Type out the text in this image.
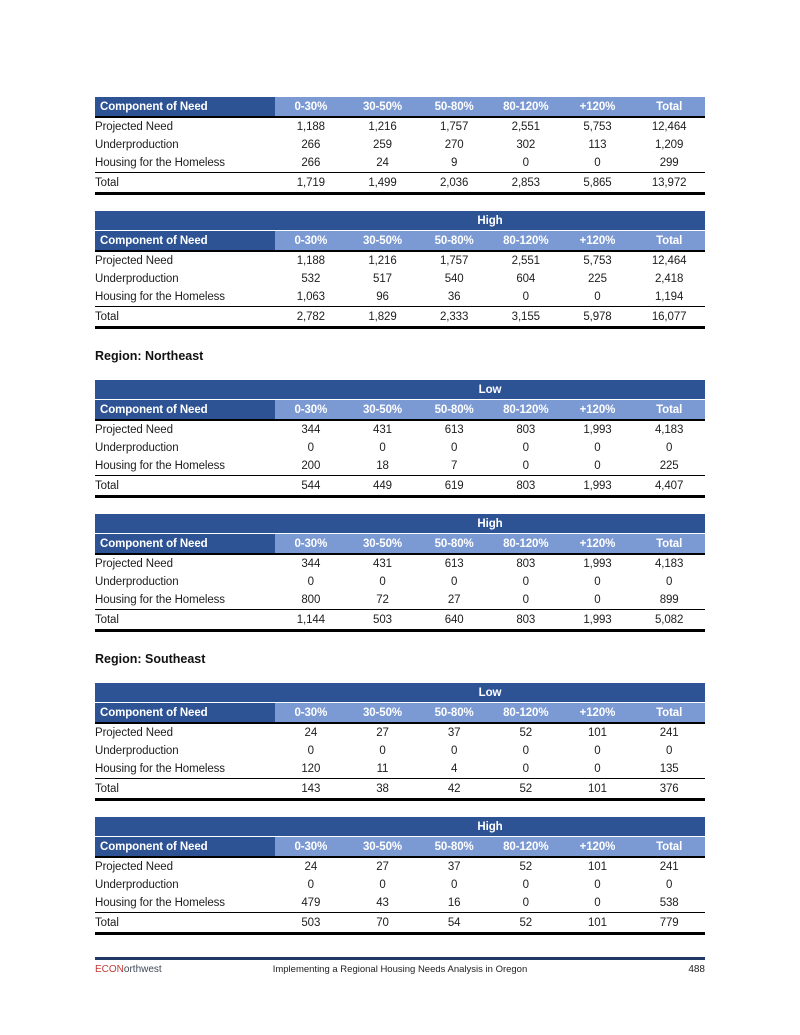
Component of Need	0-30%	30-50%	50-80%	80-120%	+120%	Total
Projected Need	1,188	1,216	1,757	2,551	5,753	12,464
Underproduction	266	259	270	302	113	1,209
Housing for the Homeless	266	24	9	0	0	299
Total	1,719	1,499	2,036	2,853	5,865	13,972
	High					
Component of Need	0-30%	30-50%	50-80%	80-120%	+120%	Total
Projected Need	1,188	1,216	1,757	2,551	5,753	12,464
Underproduction	532	517	540	604	225	2,418
Housing for the Homeless	1,063	96	36	0	0	1,194
Total	2,782	1,829	2,333	3,155	5,978	16,077
Region: Northeast
	Low					
Component of Need	0-30%	30-50%	50-80%	80-120%	+120%	Total
Projected Need	344	431	613	803	1,993	4,183
Underproduction	0	0	0	0	0	0
Housing for the Homeless	200	18	7	0	0	225
Total	544	449	619	803	1,993	4,407
	High					
Component of Need	0-30%	30-50%	50-80%	80-120%	+120%	Total
Projected Need	344	431	613	803	1,993	4,183
Underproduction	0	0	0	0	0	0
Housing for the Homeless	800	72	27	0	0	899
Total	1,144	503	640	803	1,993	5,082
Region: Southeast
	Low					
Component of Need	0-30%	30-50%	50-80%	80-120%	+120%	Total
Projected Need	24	27	37	52	101	241
Underproduction	0	0	0	0	0	0
Housing for the Homeless	120	11	4	0	0	135
Total	143	38	42	52	101	376
	High					
Component of Need	0-30%	30-50%	50-80%	80-120%	+120%	Total
Projected Need	24	27	37	52	101	241
Underproduction	0	0	0	0	0	0
Housing for the Homeless	479	43	16	0	0	538
Total	503	70	54	52	101	779
ECONorthwest	Implementing a Regional Housing Needs Analysis in Oregon	488
